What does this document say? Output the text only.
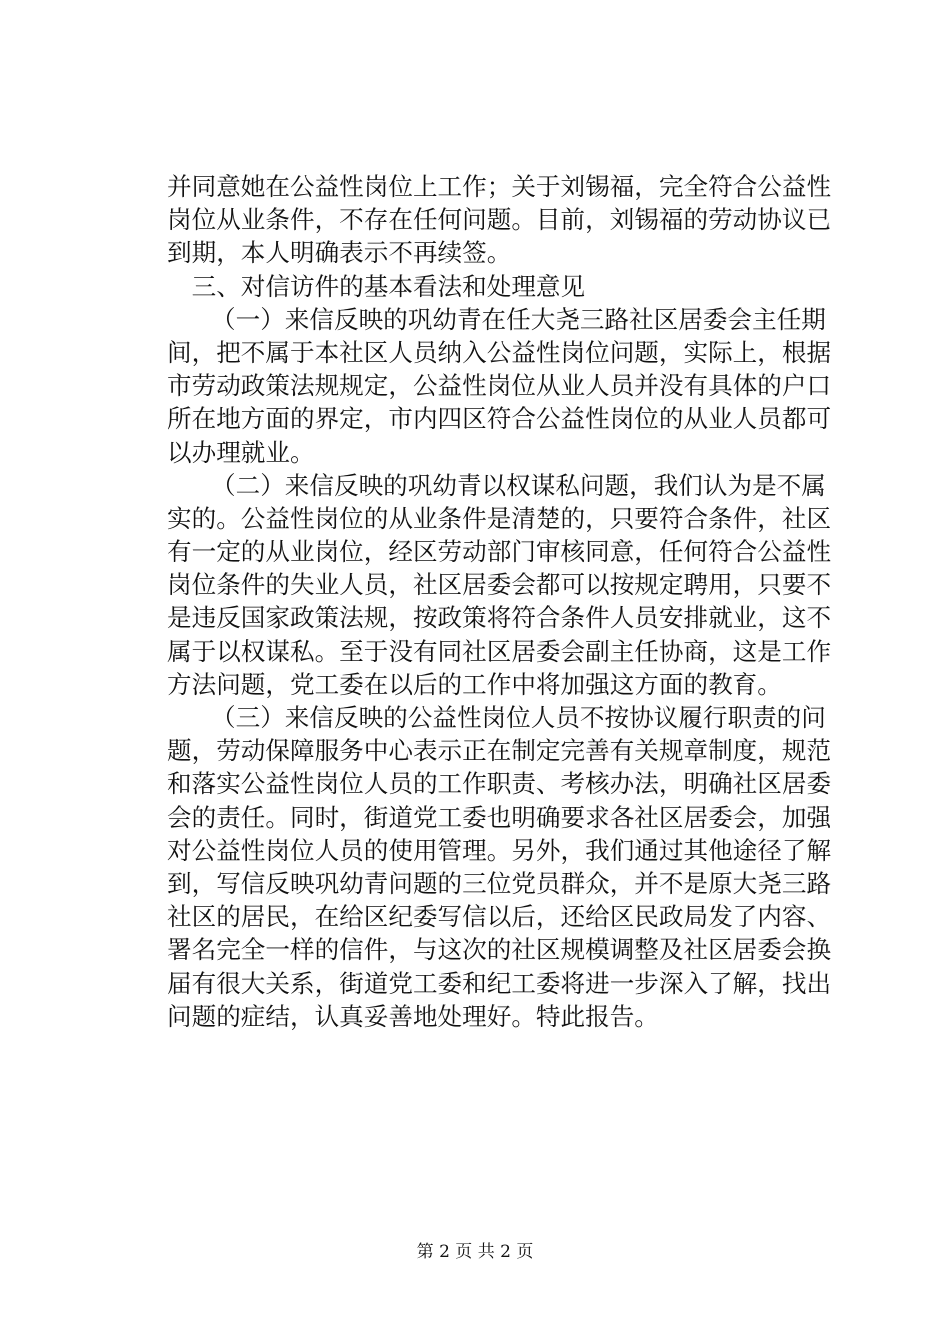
并同意她在公益性岗位上工作；关于刘锡福，完全符合公益性
岗位从业条件，不存在任何问题。目前，刘锡福的劳动协议已
到期，本人明确表示不再续签。
三、对信访件的基本看法和处理意见
（一）来信反映的巩幼青在任大尧三路社区居委会主任期
间，把不属于本社区人员纳入公益性岗位问题，实际上，根据
市劳动政策法规规定，公益性岗位从业人员并没有具体的户口
所在地方面的界定，市内四区符合公益性岗位的从业人员都可
以办理就业。
（二）来信反映的巩幼青以权谋私问题，我们认为是不属
实的。公益性岗位的从业条件是清楚的，只要符合条件，社区
有一定的从业岗位，经区劳动部门审核同意，任何符合公益性
岗位条件的失业人员，社区居委会都可以按规定聘用，只要不
是违反国家政策法规，按政策将符合条件人员安排就业，这不
属于以权谋私。至于没有同社区居委会副主任协商，这是工作
方法问题，党工委在以后的工作中将加强这方面的教育。
（三）来信反映的公益性岗位人员不按协议履行职责的问
题，劳动保障服务中心表示正在制定完善有关规章制度，规范
和落实公益性岗位人员的工作职责、考核办法，明确社区居委
会的责任。同时，街道党工委也明确要求各社区居委会，加强
对公益性岗位人员的使用管理。另外，我们通过其他途径了解
到，写信反映巩幼青问题的三位党员群众，并不是原大尧三路
社区的居民，在给区纪委写信以后，还给区民政局发了内容、
署名完全一样的信件，与这次的社区规模调整及社区居委会换
届有很大关系，街道党工委和纪工委将进一步深入了解，找出
问题的症结，认真妥善地处理好。特此报告。
第 2 页 共 2 页
